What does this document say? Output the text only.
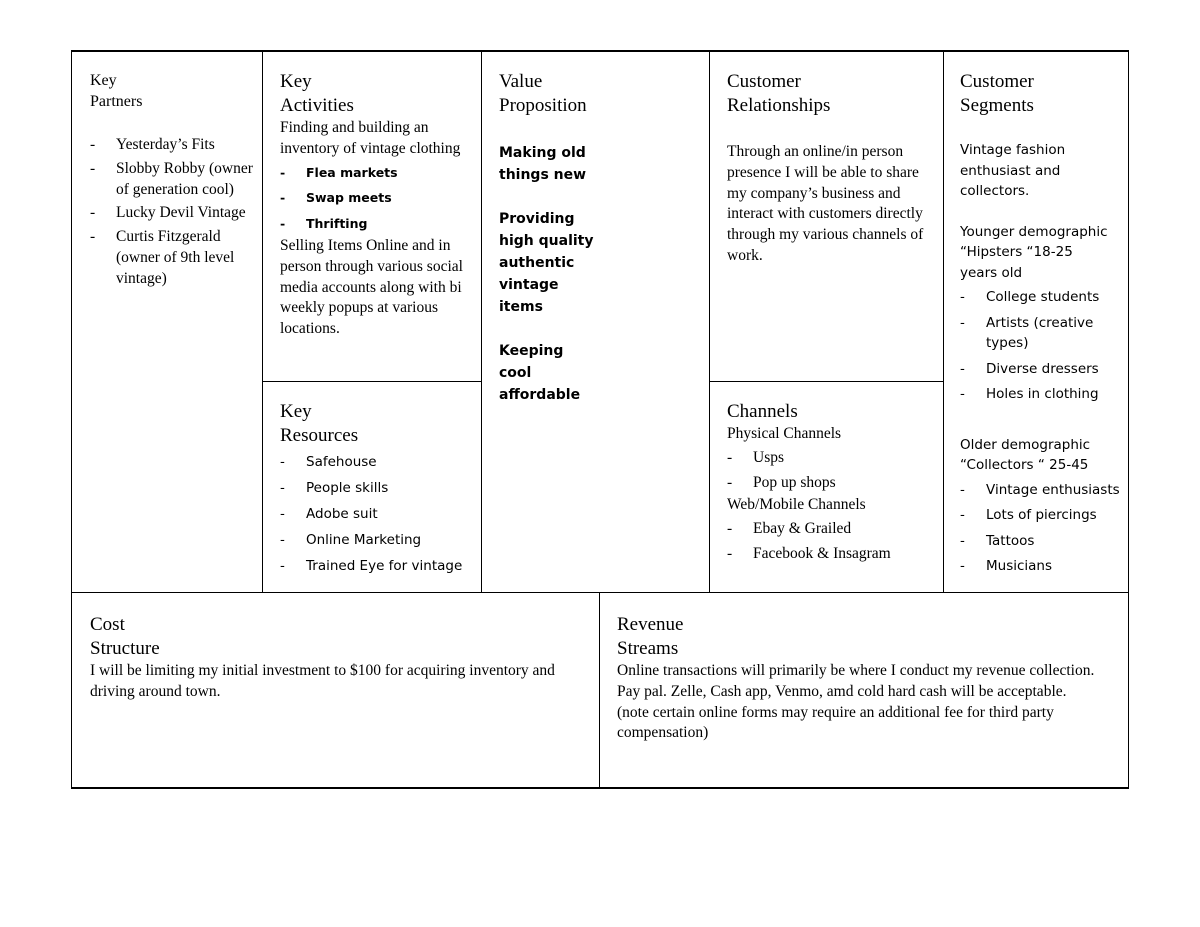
Key
Partners
- Yesterday’s Fits
- Slobby Robby (owner of generation cool)
- Lucky Devil Vintage
- Curtis Fitzgerald (owner of 9th level vintage)
Key
Activities

Finding and building an inventory of vintage clothing

- Flea markets
- Swap meets
- Thrifting

Selling Items Online and in person through various social media accounts along with bi weekly popups at various locations.

Key
Resources
- Safehouse
- People skills
- Adobe suit
- Online Marketing
- Trained Eye for vintage
Value
Proposition

Making old things new

Providing high quality authentic vintage items

Keeping cool affordable

Customer
Relationships

Through an online/in person presence I will be able to share my company’s business and interact with customers directly through my various channels of work.

Channels
Physical Channels
- Usps
- Pop up shops
Web/Mobile Channels
- Ebay & Grailed
- Facebook & Insagram
Customer
Segments

Vintage fashion enthusiast and collectors.

Younger demographic “Hipsters “18-25 years old

- College students
- Artists (creative types)
- Diverse dressers
- Holes in clothing

Older demographic “Collectors “ 25-45

- Vintage enthusiasts
- Lots of piercings
- Tattoos
- Musicians
Cost
Structure

I will be limiting my initial investment to $100 for acquiring inventory and driving around town.

Revenue
Streams

Online transactions will primarily be where I conduct my revenue collection.

Pay pal. Zelle, Cash app, Venmo, amd cold hard cash will be acceptable.

(note certain online forms may require an additional fee for third party compensation)
